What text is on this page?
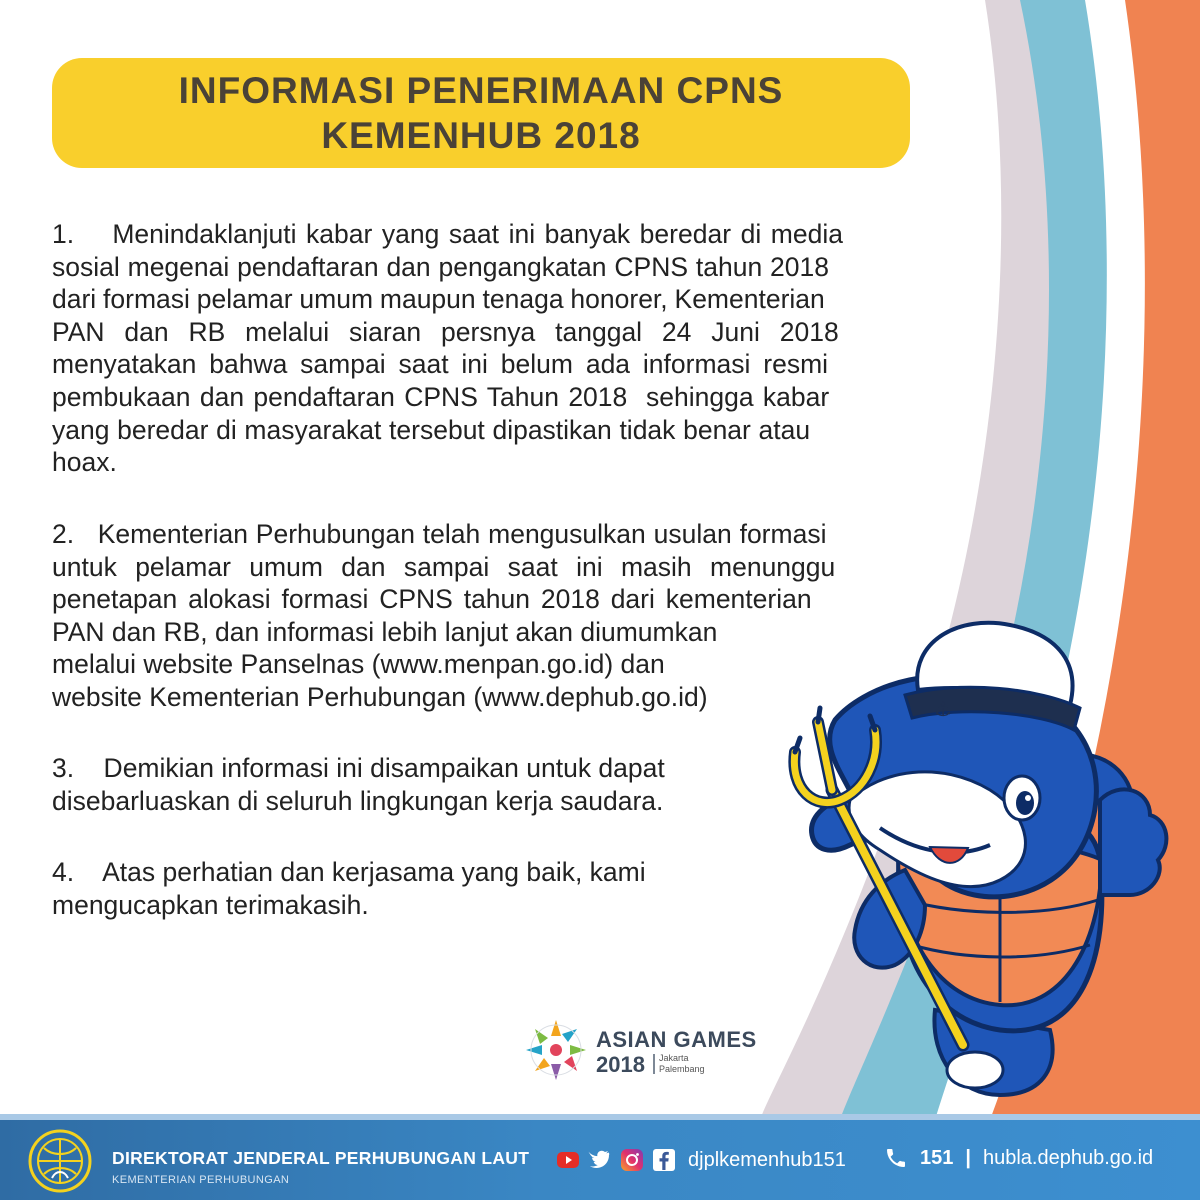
INFORMASI PENERIMAAN CPNS
KEMENHUB 2018
1.    Menindaklanjuti kabar yang saat ini banyak beredar di media
sosial megenai pendaftaran dan pengangkatan CPNS tahun 2018
dari formasi pelamar umum maupun tenaga honorer, Kementerian
PAN dan RB melalui siaran persnya tanggal 24 Juni 2018
menyatakan bahwa sampai saat ini belum ada informasi resmi
pembukaan dan pendaftaran CPNS Tahun 2018  sehingga kabar
yang beredar di masyarakat tersebut dipastikan tidak benar atau
hoax.
2.   Kementerian Perhubungan telah mengusulkan usulan formasi
untuk pelamar umum dan sampai saat ini masih menunggu
penetapan alokasi formasi CPNS tahun 2018 dari kementerian
PAN dan RB, dan informasi lebih lanjut akan diumumkan
melalui website Panselnas (www.menpan.go.id) dan
website Kementerian Perhubungan (www.dephub.go.id)
3.    Demikian informasi ini disampaikan untuk dapat
disebarluaskan di seluruh lingkungan kerja saudara.
4.    Atas perhatian dan kerjasama yang baik, kami
mengucapkan terimakasih.
⚓
ASIAN GAMES
2018 Jakarta
Palembang
DIREKTORAT JENDERAL PERHUBUNGAN LAUT
KEMENTERIAN PERHUBUNGAN
djplkemenhub151	151 | hubla.dephub.go.id
